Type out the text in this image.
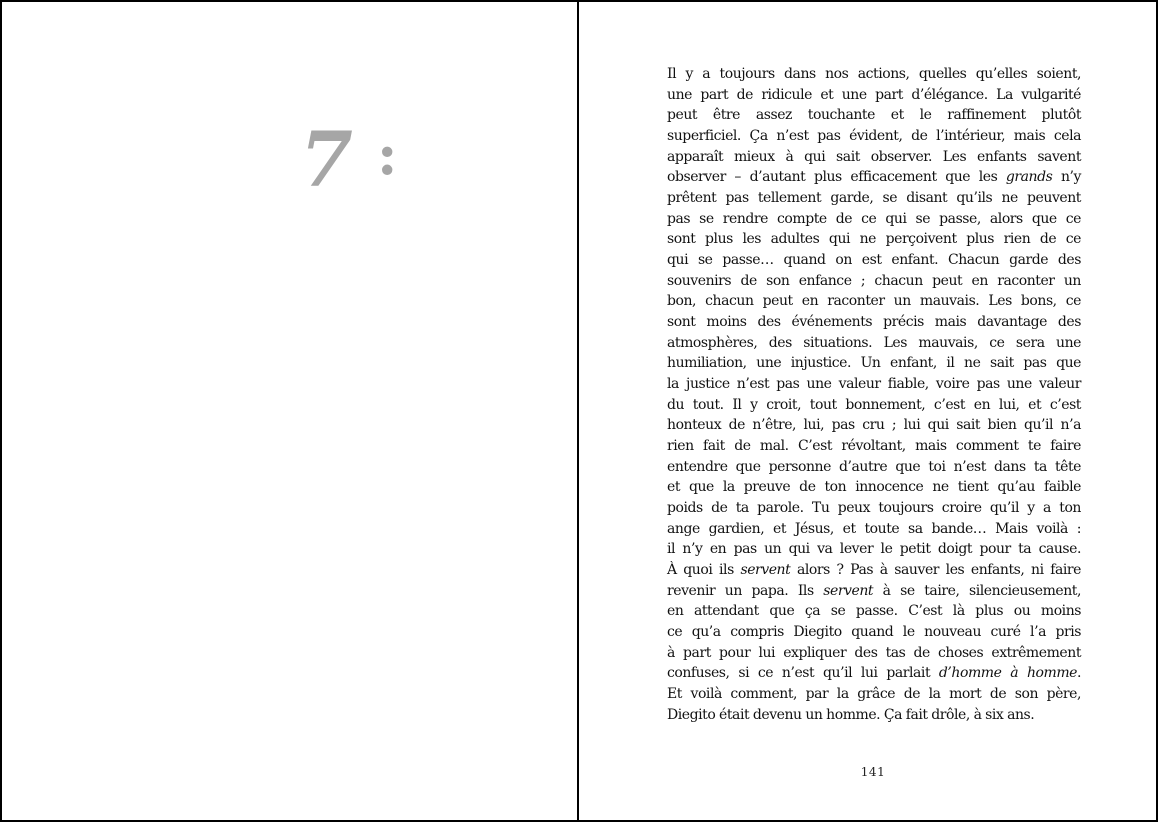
7 :

Il y a toujours dans nos actions, quelles qu’elles soient,
une part de ridicule et une part d’élégance. La vulgarité
peut être assez touchante et le raffinement plutôt
superficiel. Ça n’est pas évident, de l’intérieur, mais cela
apparaît mieux à qui sait observer. Les enfants savent
observer – d’autant plus efficacement que les grands n’y
prêtent pas tellement garde, se disant qu’ils ne peuvent
pas se rendre compte de ce qui se passe, alors que ce
sont plus les adultes qui ne perçoivent plus rien de ce
qui se passe… quand on est enfant. Chacun garde des
souvenirs de son enfance ; chacun peut en raconter un
bon, chacun peut en raconter un mauvais. Les bons, ce
sont moins des événements précis mais davantage des
atmosphères, des situations. Les mauvais, ce sera une
humiliation, une injustice. Un enfant, il ne sait pas que
la justice n’est pas une valeur fiable, voire pas une valeur
du tout. Il y croit, tout bonnement, c’est en lui, et c’est
honteux de n’être, lui, pas cru ; lui qui sait bien qu’il n’a
rien fait de mal. C’est révoltant, mais comment te faire
entendre que personne d’autre que toi n’est dans ta tête
et que la preuve de ton innocence ne tient qu’au faible
poids de ta parole. Tu peux toujours croire qu’il y a ton
ange gardien, et Jésus, et toute sa bande… Mais voilà :
il n’y en pas un qui va lever le petit doigt pour ta cause.
À quoi ils servent alors ? Pas à sauver les enfants, ni faire
revenir un papa. Ils servent à se taire, silencieusement,
en attendant que ça se passe. C’est là plus ou moins
ce qu’a compris Diegito quand le nouveau curé l’a pris
à part pour lui expliquer des tas de choses extrêmement
confuses, si ce n’est qu’il lui parlait d’homme à homme.
Et voilà comment, par la grâce de la mort de son père,
Diegito était devenu un homme. Ça fait drôle, à six ans.

141
